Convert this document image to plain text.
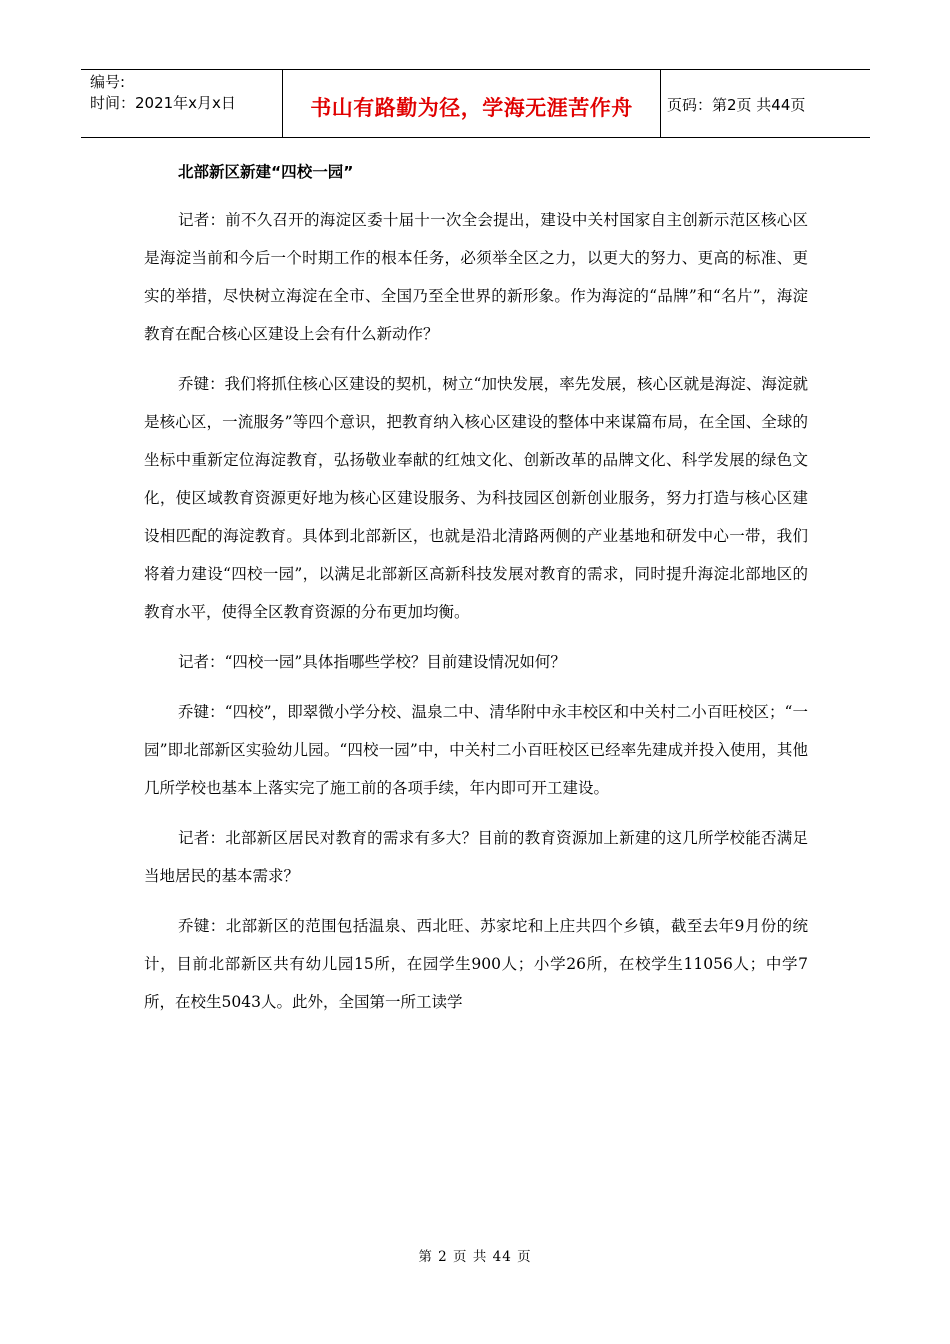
编号:
时间：2021年x月x日	书山有路勤为径，学海无涯苦作舟	页码：第2页 共44页
北部新区新建“四校一园”

记者：前不久召开的海淀区委十届十一次全会提出，建设中关村国家自主创新示范区核心区是海淀当前和今后一个时期工作的根本任务，必须举全区之力，以更大的努力、更高的标准、更实的举措，尽快树立海淀在全市、全国乃至全世界的新形象。作为海淀的“品牌”和“名片”，海淀教育在配合核心区建设上会有什么新动作？

乔键：我们将抓住核心区建设的契机，树立“加快发展，率先发展，核心区就是海淀、海淀就是核心区，一流服务”等四个意识，把教育纳入核心区建设的整体中来谋篇布局，在全国、全球的坐标中重新定位海淀教育，弘扬敬业奉献的红烛文化、创新改革的品牌文化、科学发展的绿色文化，使区域教育资源更好地为核心区建设服务、为科技园区创新创业服务，努力打造与核心区建设相匹配的海淀教育。具体到北部新区，也就是沿北清路两侧的产业基地和研发中心一带，我们将着力建设“四校一园”，以满足北部新区高新科技发展对教育的需求，同时提升海淀北部地区的教育水平，使得全区教育资源的分布更加均衡。

记者：“四校一园”具体指哪些学校？目前建设情况如何？

乔键：“四校”，即翠微小学分校、温泉二中、清华附中永丰校区和中关村二小百旺校区；“一园”即北部新区实验幼儿园。“四校一园”中，中关村二小百旺校区已经率先建成并投入使用，其他几所学校也基本上落实完了施工前的各项手续，年内即可开工建设。

记者：北部新区居民对教育的需求有多大？目前的教育资源加上新建的这几所学校能否满足当地居民的基本需求？

乔键：北部新区的范围包括温泉、西北旺、苏家坨和上庄共四个乡镇，截至去年9月份的统计，目前北部新区共有幼儿园15所，在园学生900人；小学26所，在校学生11056人；中学7所，在校生5043人。此外，全国第一所工读学

第 2 页 共 44 页
